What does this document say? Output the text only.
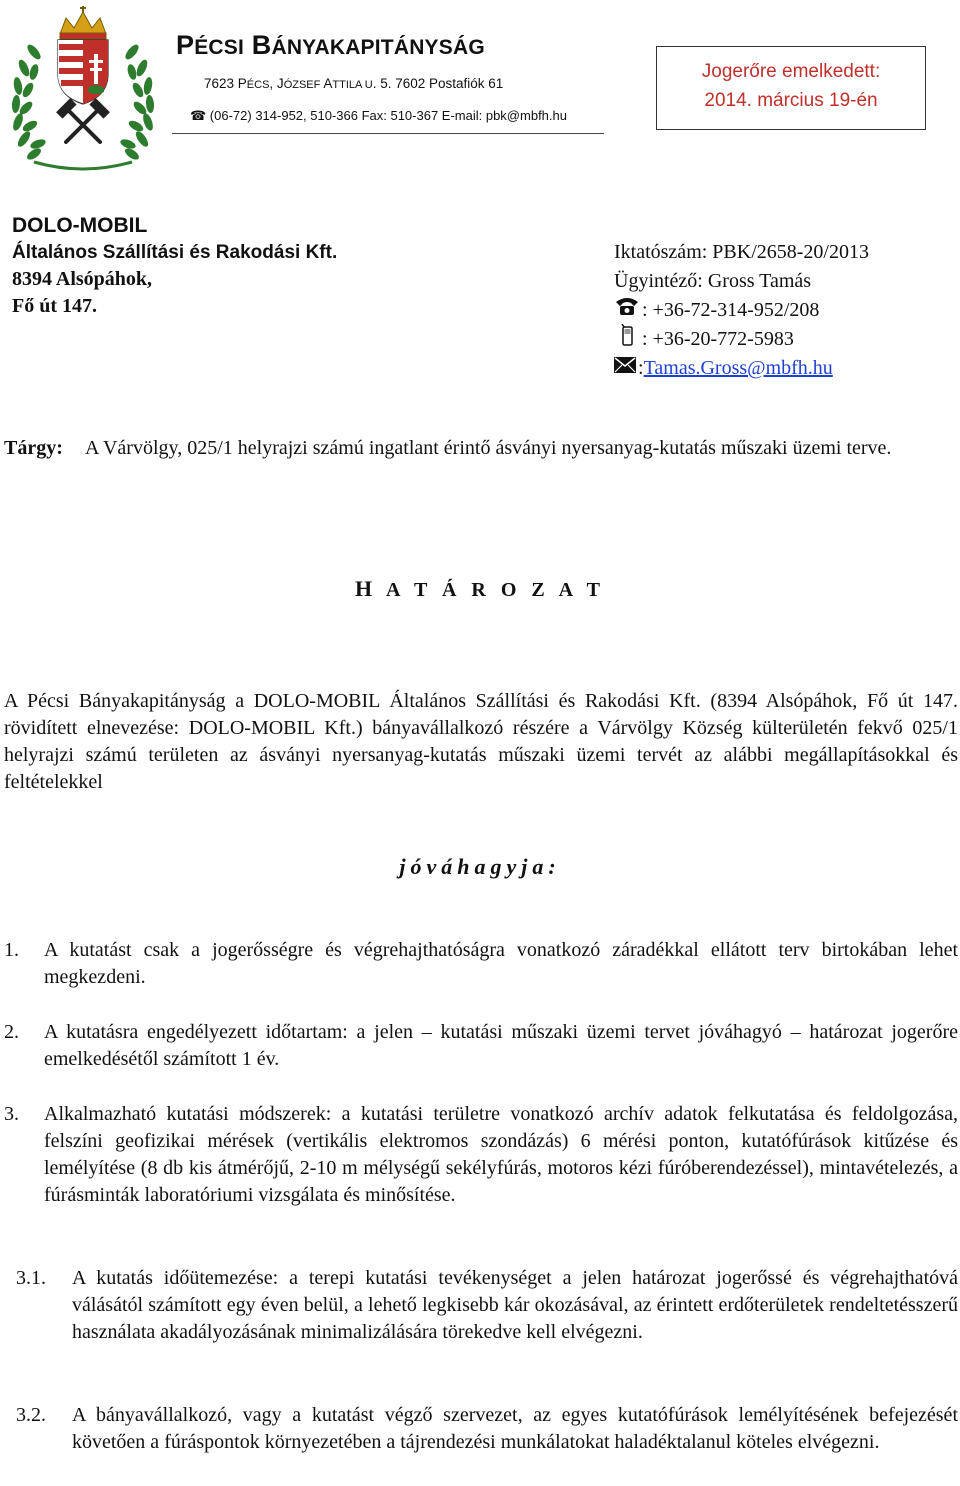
PÉCSI BÁNYAKAPITÁNYSÁG
7623 PÉCS, JÓZSEF ATTILA U. 5. 7602 Postafiók 61
☎ (06-72) 314-952, 510-366 Fax: 510-367 E-mail: pbk@mbfh.hu
Jogerőre emelkedett:
2014. március 19-én
DOLO-MOBIL
Általános Szállítási és Rakodási Kft.
8394 Alsópáhok,
Fő út 147.
Iktatószám: PBK/2658-20/2013
Ügyintéző: Gross Tamás
: +36-72-314-952/208
: +36-20-772-5983
: Tamas.Gross@mbfh.hu
Tárgy: A Várvölgy, 025/1 helyrajzi számú ingatlant érintő ásványi nyersanyag-kutatás műszaki üzemi terve.
H A T Á R O Z A T
A Pécsi Bányakapitányság a DOLO-MOBIL Általános Szállítási és Rakodási Kft. (8394 Alsópáhok, Fő út 147. rövidített elnevezése: DOLO-MOBIL Kft.) bányavállalkozó részére a Várvölgy Község külterületén fekvő 025/1 helyrajzi számú területen az ásványi nyersanyag-kutatás műszaki üzemi tervét az alábbi megállapításokkal és feltételekkel
jóváhagyja:
1. A kutatást csak a jogerősségre és végrehajthatóságra vonatkozó záradékkal ellátott terv birtokában lehet megkezdeni.
2. A kutatásra engedélyezett időtartam: a jelen – kutatási műszaki üzemi tervet jóváhagyó – határozat jogerőre emelkedésétől számított 1 év.
3. Alkalmazható kutatási módszerek: a kutatási területre vonatkozó archív adatok felkutatása és feldolgozása, felszíni geofizikai mérések (vertikális elektromos szondázás) 6 mérési ponton, kutatófúrások kitűzése és lemélyítése (8 db kis átmérőjű, 2-10 m mélységű sekélyfúrás, motoros kézi fúróberendezéssel), mintavételezés, a fúrásminták laboratóriumi vizsgálata és minősítése.
3.1. A kutatás időütemezése: a terepi kutatási tevékenységet a jelen határozat jogerőssé és végrehajthatóvá válásától számított egy éven belül, a lehető legkisebb kár okozásával, az érintett erdőterületek rendeltetésszerű használata akadályozásának minimalizálására törekedve kell elvégezni.
3.2. A bányavállalkozó, vagy a kutatást végző szervezet, az egyes kutatófúrások lemélyítésének befejezését követően a fúráspontok környezetében a tájrendezési munkálatokat haladéktalanul köteles elvégezni.
